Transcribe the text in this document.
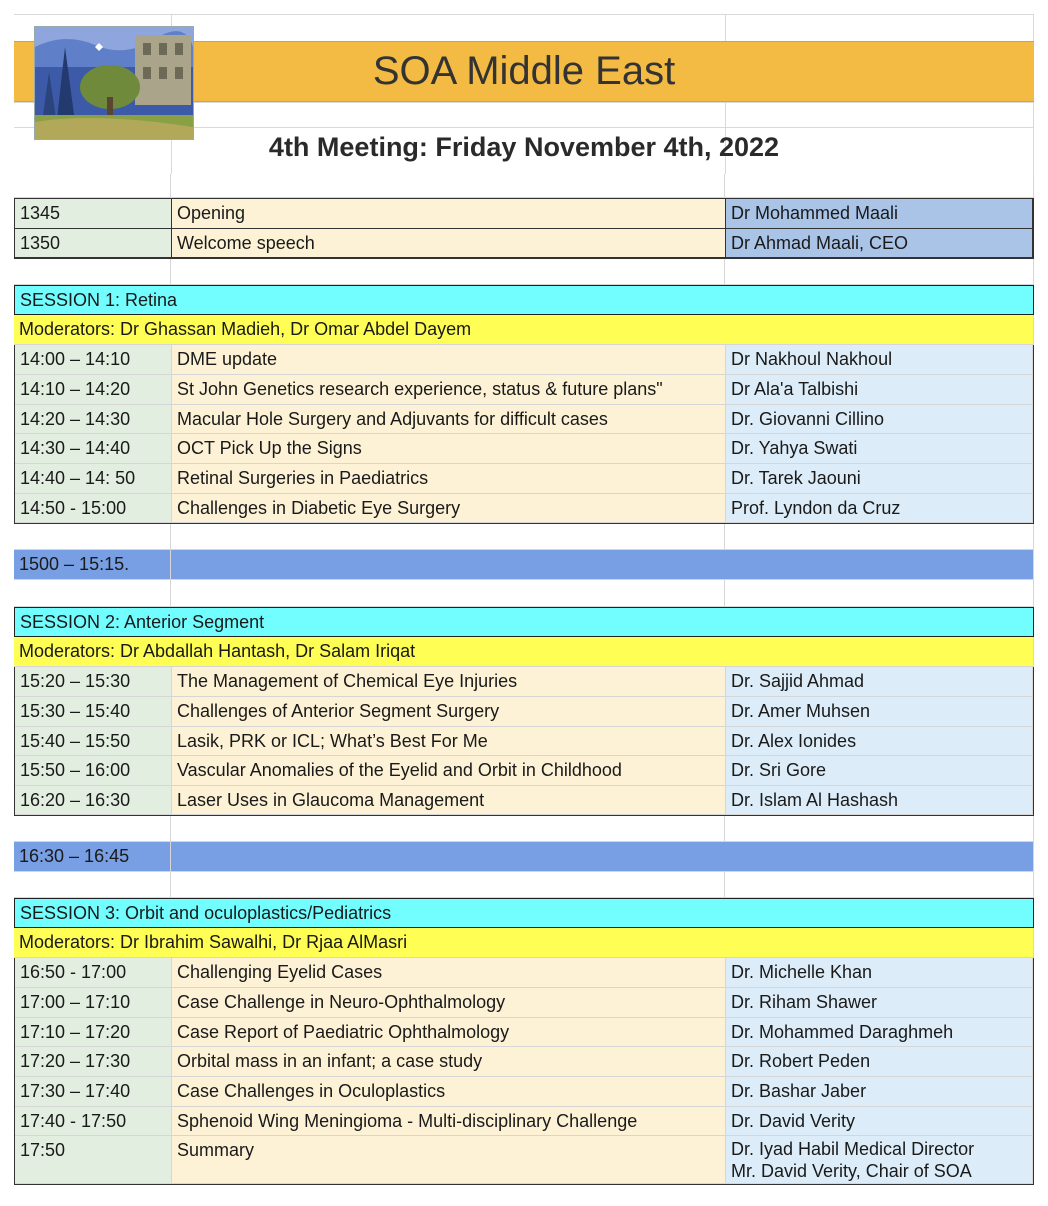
SOA Middle East
4th Meeting: Friday November 4th, 2022
1345	Opening	Dr Mohammed Maali
1350	Welcome speech	Dr Ahmad Maali, CEO
SESSION 1: Retina
Moderators: Dr Ghassan Madieh, Dr Omar Abdel Dayem
14:00 – 14:10	DME update	Dr Nakhoul Nakhoul
14:10 – 14:20	St John Genetics research experience, status & future plans"	Dr Ala'a Talbishi
14:20 – 14:30	Macular Hole Surgery and Adjuvants for difficult cases	Dr. Giovanni Cillino
14:30 – 14:40	OCT Pick Up the Signs	Dr. Yahya Swati
14:40 – 14: 50	Retinal Surgeries in Paediatrics	Dr. Tarek Jaouni
14:50 - 15:00	Challenges in Diabetic Eye Surgery	Prof. Lyndon da Cruz
1500 – 15:15.
SESSION 2: Anterior Segment
Moderators: Dr Abdallah Hantash, Dr Salam Iriqat
15:20 – 15:30	The Management of Chemical Eye Injuries	Dr. Sajjid Ahmad
15:30 – 15:40	Challenges of Anterior Segment Surgery	Dr. Amer Muhsen
15:40 – 15:50	Lasik, PRK or ICL; What’s Best For Me	Dr. Alex Ionides
15:50 – 16:00	Vascular Anomalies of the Eyelid and Orbit in Childhood	Dr. Sri Gore
16:20 – 16:30	Laser Uses in Glaucoma Management	Dr. Islam Al Hashash
16:30 – 16:45
SESSION 3: Orbit and oculoplastics/Pediatrics
Moderators: Dr Ibrahim Sawalhi, Dr Rjaa AlMasri
16:50 - 17:00	Challenging Eyelid Cases	Dr. Michelle Khan
17:00 – 17:10	Case Challenge in Neuro-Ophthalmology	Dr. Riham Shawer
17:10 – 17:20	Case Report of Paediatric Ophthalmology	Dr. Mohammed Daraghmeh
17:20 – 17:30	Orbital mass in an infant; a case study	Dr. Robert Peden
17:30 – 17:40	Case Challenges in Oculoplastics	Dr. Bashar Jaber
17:40 - 17:50	Sphenoid Wing Meningioma - Multi-disciplinary Challenge	Dr. David Verity
17:50	Summary	Dr. Iyad Habil Medical Director
Mr. David Verity, Chair of SOA
